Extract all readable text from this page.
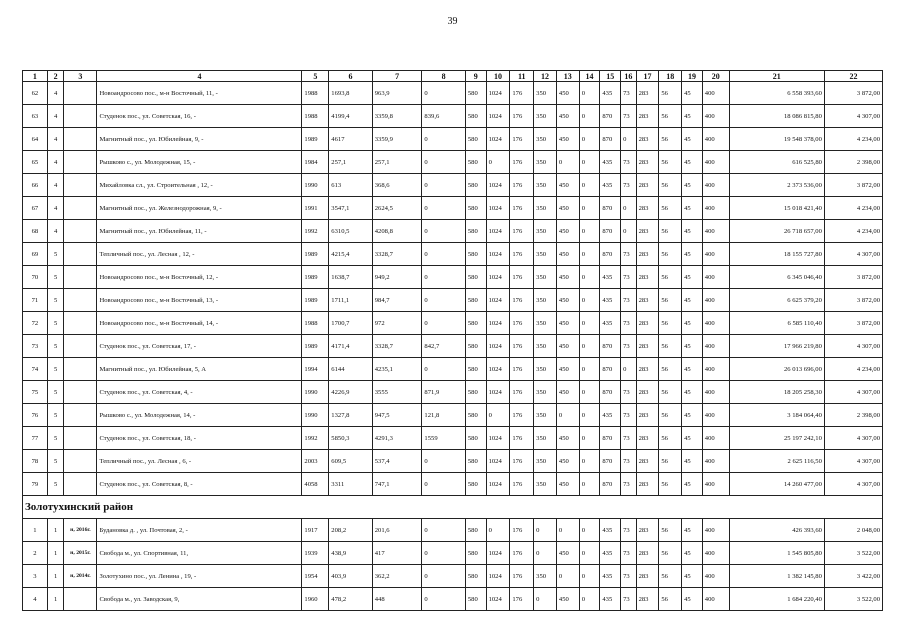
39
1	2	3	4	5	6	7	8	9	10	11	12	13	14	15	16	17	18	19	20	21	22
62	4		Новоандросово пос., м-н Восточный, 11, -	1988	1693,8	963,9	0	580	1024	176	350	450	0	435	73	283	56	45	400	6 558 393,60	3 872,00
63	4		Студенок пос., ул. Советская, 16, -	1988	4199,4	3359,8	839,6	580	1024	176	350	450	0	870	73	283	56	45	400	18 086 815,80	4 307,00
64	4		Магнитный пос., ул. Юбилейная, 9, -	1989	4617	3359,9	0	580	1024	176	350	450	0	870	0	283	56	45	400	19 548 378,00	4 234,00
65	4		Рышково с., ул. Молодежная, 15, -	1984	257,1	257,1	0	580	0	176	350	0	0	435	73	283	56	45	400	616 525,80	2 398,00
66	4		Михайловка сл., ул. Строительная , 12, -	1990	613	368,6	0	580	1024	176	350	450	0	435	73	283	56	45	400	2 373 536,00	3 872,00
67	4		Магнитный пос., ул. Железнодорожная, 9, -	1991	3547,1	2624,5	0	580	1024	176	350	450	0	870	0	283	56	45	400	15 018 421,40	4 234,00
68	4		Магнитный пос., ул. Юбилейная, 11, -	1992	6310,5	4208,8	0	580	1024	176	350	450	0	870	0	283	56	45	400	26 718 657,00	4 234,00
69	5		Тепличный пос., ул. Лесная , 12, -	1989	4215,4	3328,7	0	580	1024	176	350	450	0	870	73	283	56	45	400	18 155 727,80	4 307,00
70	5		Новоандросово пос., м-н Восточный, 12, -	1989	1638,7	949,2	0	580	1024	176	350	450	0	435	73	283	56	45	400	6 345 046,40	3 872,00
71	5		Новоандросово пос., м-н Восточный, 13, -	1989	1711,1	984,7	0	580	1024	176	350	450	0	435	73	283	56	45	400	6 625 379,20	3 872,00
72	5		Новоандросово пос., м-н Восточный, 14, -	1988	1700,7	972	0	580	1024	176	350	450	0	435	73	283	56	45	400	6 585 110,40	3 872,00
73	5		Студенок пос., ул. Советская, 17, -	1989	4171,4	3328,7	842,7	580	1024	176	350	450	0	870	73	283	56	45	400	17 966 219,80	4 307,00
74	5		Магнитный пос., ул. Юбилейная, 5, А	1994	6144	4235,1	0	580	1024	176	350	450	0	870	0	283	56	45	400	26 013 696,00	4 234,00
75	5		Студенок пос., ул. Советская, 4, -	1990	4226,9	3555	871,9	580	1024	176	350	450	0	870	73	283	56	45	400	18 205 258,30	4 307,00
76	5		Рышково с., ул. Молодежная, 14, -	1990	1327,8	947,5	121,8	580	0	176	350	0	0	435	73	283	56	45	400	3 184 064,40	2 398,00
77	5		Студенок пос., ул. Советская, 18, -	1992	5850,3	4291,3	1559	580	1024	176	350	450	0	870	73	283	56	45	400	25 197 242,10	4 307,00
78	5		Тепличный пос., ул. Лесная , 6, -	2003	609,5	537,4	0	580	1024	176	350	450	0	870	73	283	56	45	400	2 625 116,50	4 307,00
79	5		Студенок пос., ул. Советская, 8, -	4058	3311	747,1	0	580	1024	176	350	450	0	870	73	283	56	45	400	14 260 477,00	4 307,00
Золотухинский район																					
1	1	н, 2016г.	Будановка д. , ул. Почтовая, 2, -	1917	208,2	201,6	0	580	0	176	0	0	0	435	73	283	56	45	400	426 393,60	2 048,00
2	1	н, 2015г.	Свобода м., ул. Спортивная, 11,	1939	438,9	417	0	580	1024	176	0	450	0	435	73	283	56	45	400	1 545 805,80	3 522,00
3	1	н, 2014г.	Золотухино пос., ул. Ленина , 19, -	1954	403,9	362,2	0	580	1024	176	350	0	0	435	73	283	56	45	400	1 382 145,80	3 422,00
4	1		Свобода м., ул. Заводская, 9,	1960	478,2	448	0	580	1024	176	0	450	0	435	73	283	56	45	400	1 684 220,40	3 522,00
